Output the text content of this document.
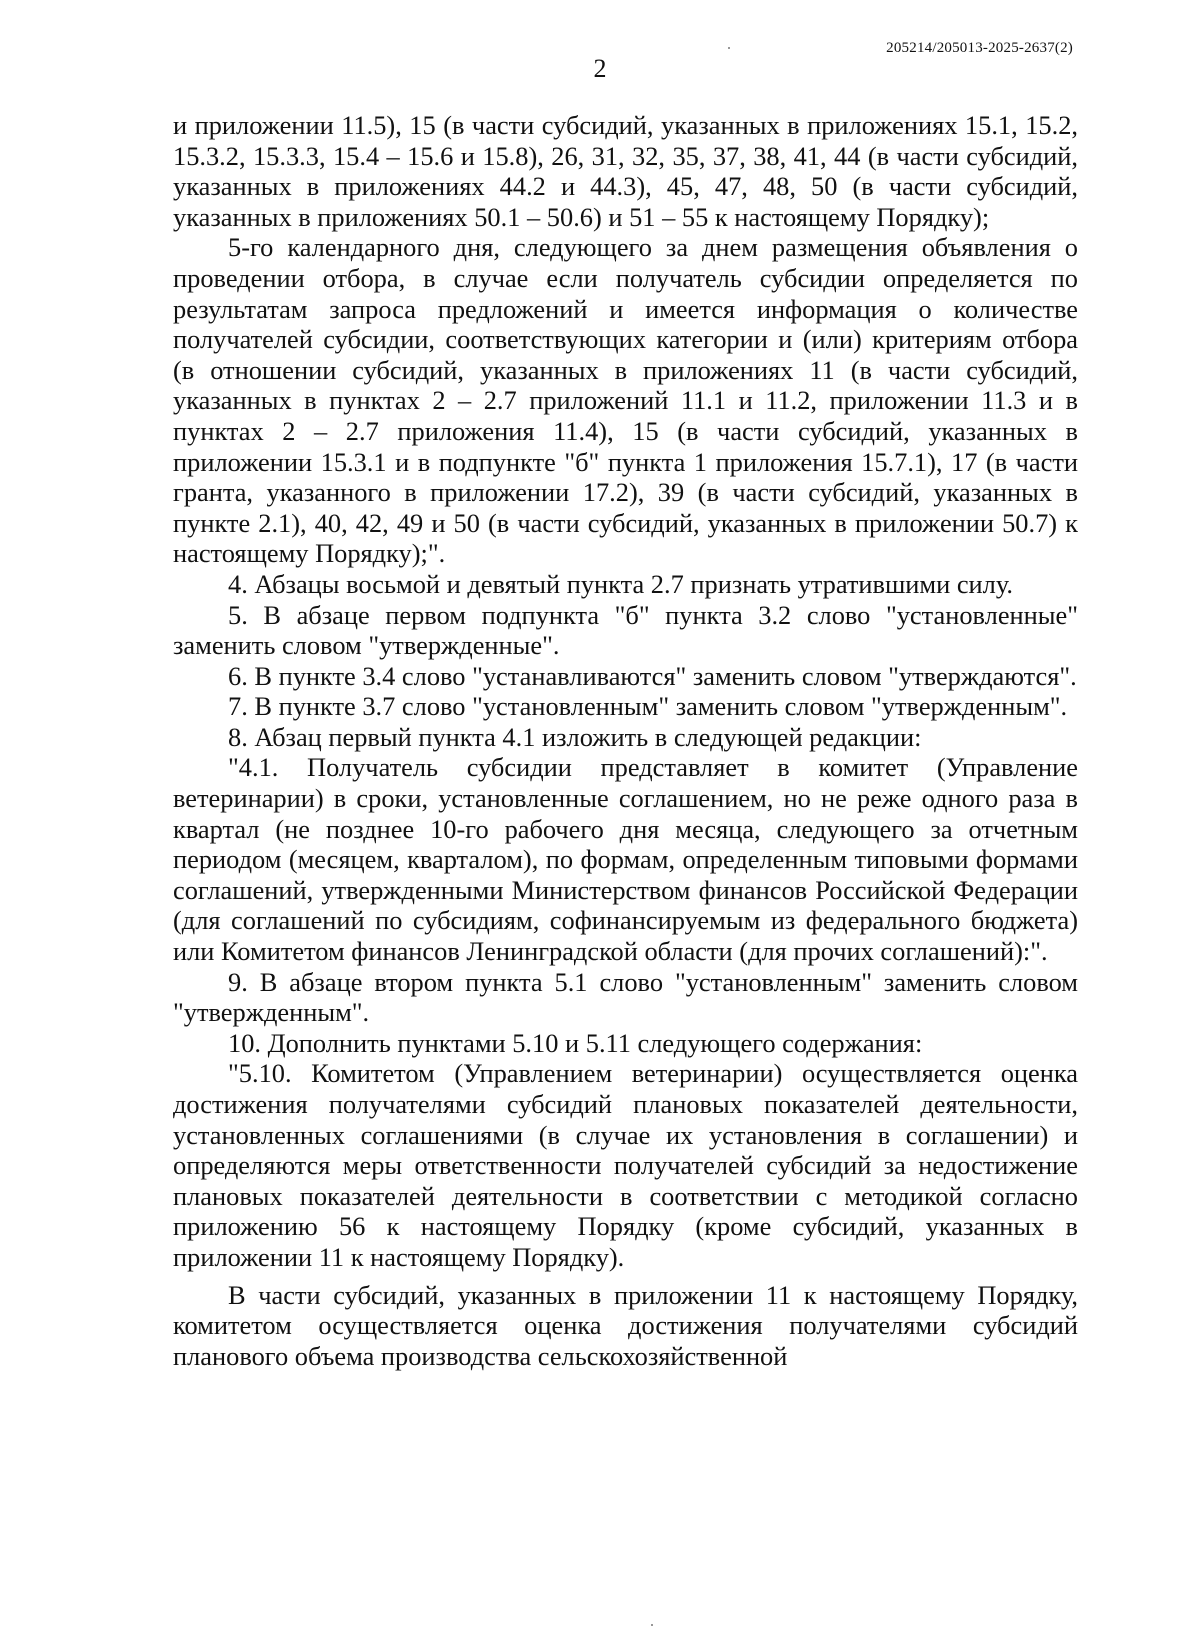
2
205214/205013-2025-2637(2)

и приложении 11.5), 15 (в части субсидий, указанных в приложениях 15.1, 15.2, 15.3.2, 15.3.3, 15.4 – 15.6 и 15.8), 26, 31, 32, 35, 37, 38, 41, 44 (в части субсидий, указанных в приложениях 44.2 и 44.3), 45, 47, 48, 50 (в части субсидий, указанных в приложениях 50.1 – 50.6) и 51 – 55 к настоящему Порядку);

5-го календарного дня, следующего за днем размещения объявления о проведении отбора, в случае если получатель субсидии определяется по результатам запроса предложений и имеется информация о количестве получателей субсидии, соответствующих категории и (или) критериям отбора (в отношении субсидий, указанных в приложениях 11 (в части субсидий, указанных в пунктах 2 – 2.7 приложений 11.1 и 11.2, приложении 11.3 и в пунктах 2 – 2.7 приложения 11.4), 15 (в части субсидий, указанных в приложении 15.3.1 и в подпункте "б" пункта 1 приложения 15.7.1), 17 (в части гранта, указанного в приложении 17.2), 39 (в части субсидий, указанных в пункте 2.1), 40, 42, 49 и 50 (в части субсидий, указанных в приложении 50.7) к настоящему Порядку);".

4. Абзацы восьмой и девятый пункта 2.7 признать утратившими силу.

5. В абзаце первом подпункта "б" пункта 3.2 слово "установленные" заменить словом "утвержденные".

6. В пункте 3.4 слово "устанавливаются" заменить словом "утверждаются".

7. В пункте 3.7 слово "установленным" заменить словом "утвержденным".

8. Абзац первый пункта 4.1 изложить в следующей редакции:

"4.1. Получатель субсидии представляет в комитет (Управление ветеринарии) в сроки, установленные соглашением, но не реже одного раза в квартал (не позднее 10-го рабочего дня месяца, следующего за отчетным периодом (месяцем, кварталом), по формам, определенным типовыми формами соглашений, утвержденными Министерством финансов Российской Федерации (для соглашений по субсидиям, софинансируемым из федерального бюджета) или Комитетом финансов Ленинградской области (для прочих соглашений):".

9. В абзаце втором пункта 5.1 слово "установленным" заменить словом "утвержденным".

10. Дополнить пунктами 5.10 и 5.11 следующего содержания:

"5.10. Комитетом (Управлением ветеринарии) осуществляется оценка достижения получателями субсидий плановых показателей деятельности, установленных соглашениями (в случае их установления в соглашении) и определяются меры ответственности получателей субсидий за недостижение плановых показателей деятельности в соответствии с методикой согласно приложению 56 к настоящему Порядку (кроме субсидий, указанных в приложении 11 к настоящему Порядку).

В части субсидий, указанных в приложении 11 к настоящему Порядку, комитетом осуществляется оценка достижения получателями субсидий планового объема производства сельскохозяйственной
